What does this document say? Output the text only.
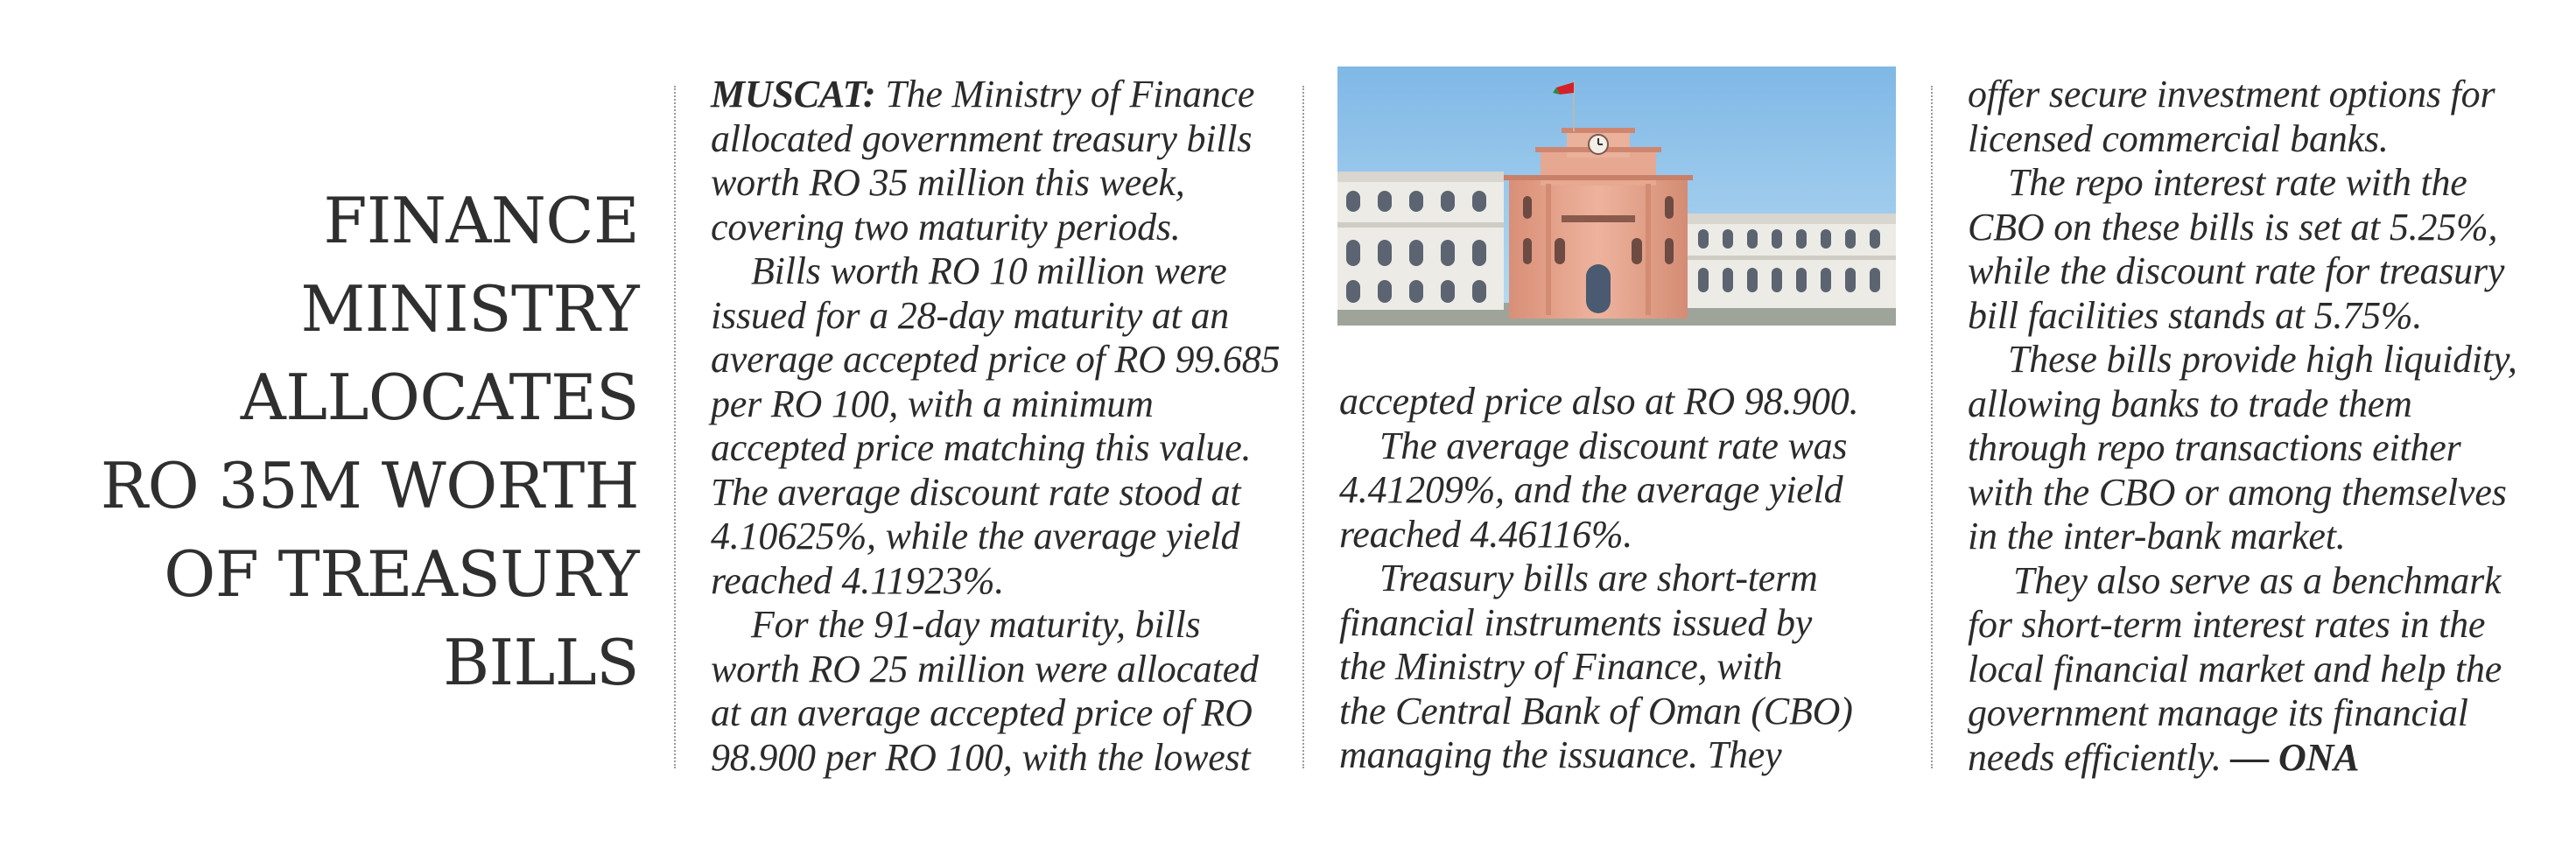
FINANCE
MINISTRY
ALLOCATES
RO 35M WORTH
OF TREASURY
BILLS
MUSCAT: The Ministry of Finance
allocated government treasury bills
worth RO 35 million this week,
covering two maturity periods.
Bills worth RO 10 million were
issued for a 28-day maturity at an
average accepted price of RO 99.685
per RO 100, with a minimum
accepted price matching this value.
The average discount rate stood at
4.10625%, while the average yield
reached 4.11923%.
For the 91-day maturity, bills
worth RO 25 million were allocated
at an average accepted price of RO
98.900 per RO 100, with the lowest
accepted price also at RO 98.900.
The average discount rate was
4.41209%, and the average yield
reached 4.46116%.
Treasury bills are short-term
financial instruments issued by
the Ministry of Finance, with
the Central Bank of Oman (CBO)
managing the issuance. They
offer secure investment options for
licensed commercial banks.
The repo interest rate with the
CBO on these bills is set at 5.25%,
while the discount rate for treasury
bill facilities stands at 5.75%.
These bills provide high liquidity,
allowing banks to trade them
through repo transactions either
with the CBO or among themselves
in the inter-bank market.
They also serve as a benchmark
for short-term interest rates in the
local financial market and help the
government manage its financial
needs efficiently. — ONA
